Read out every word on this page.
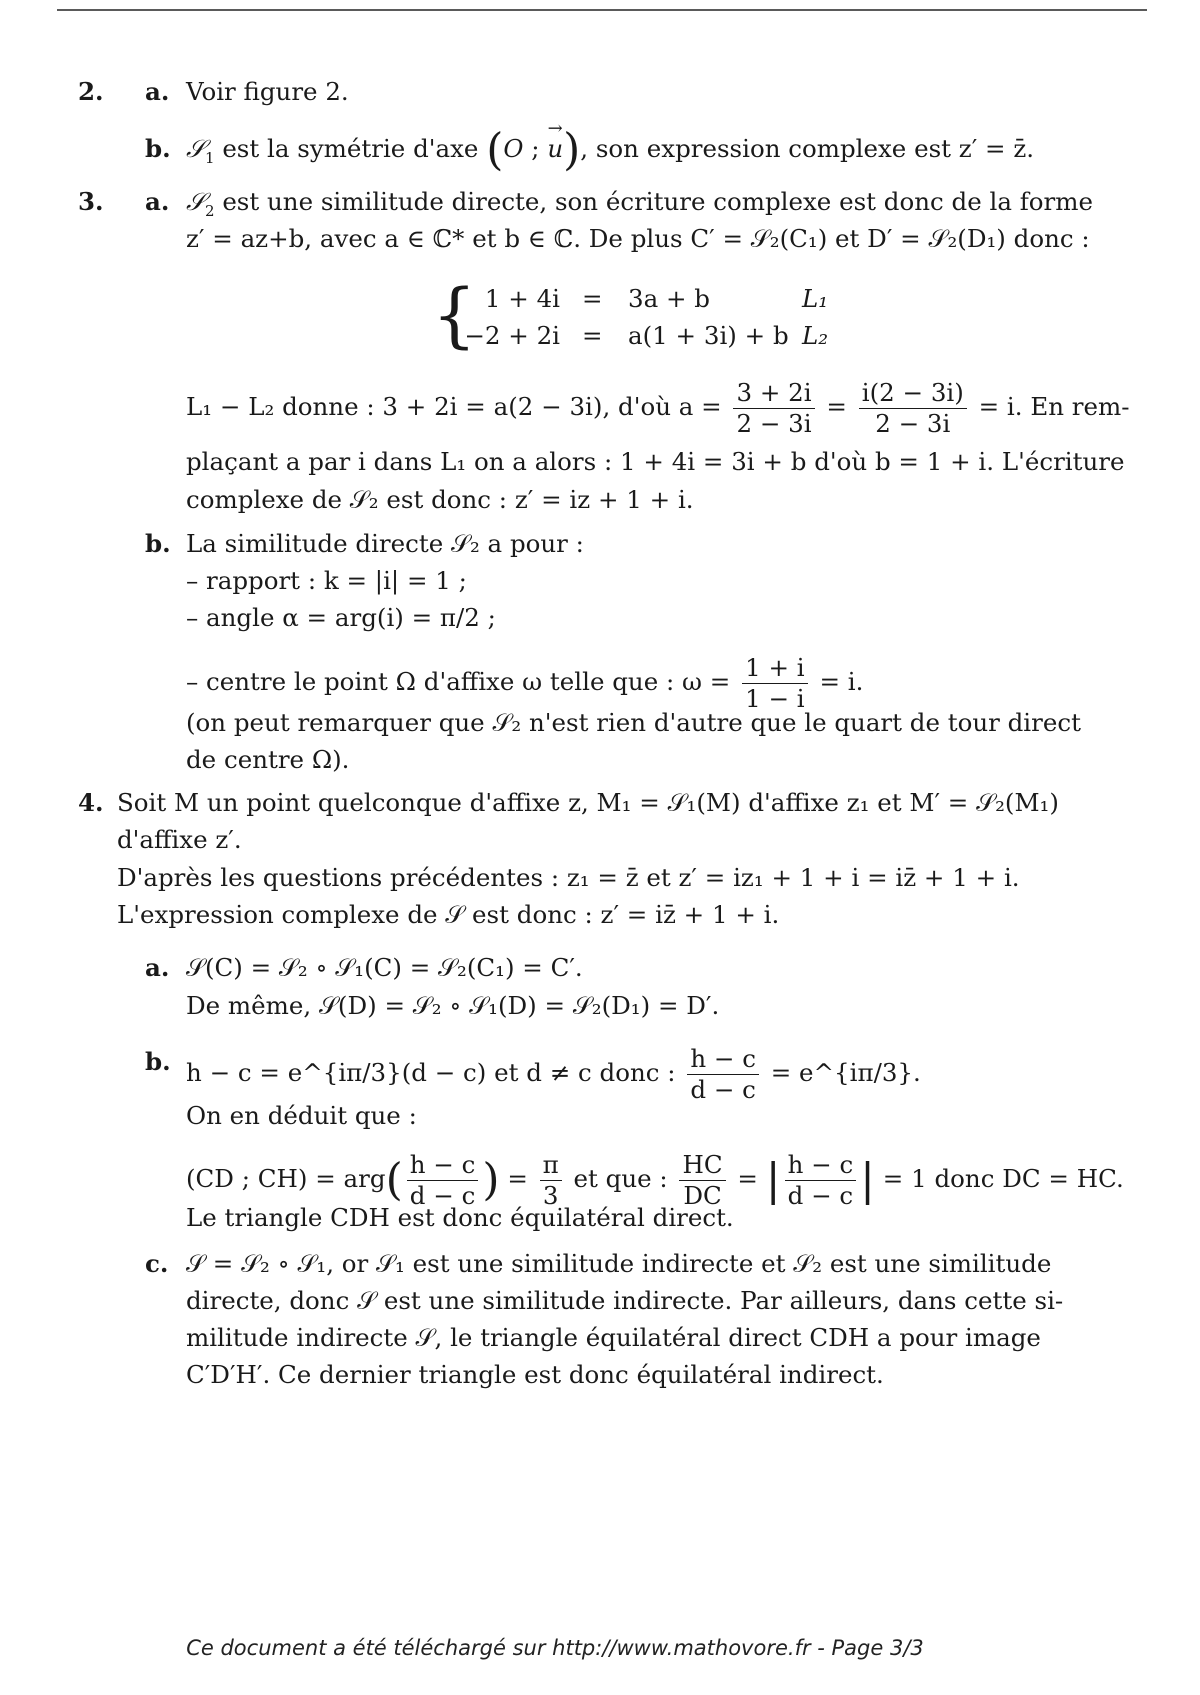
2. a. Voir figure 2.
b. 𝒮$_1$ est la symétrie d'axe (O ; → u), son expression complexe est z′ = z̄.
3. a. 𝒮$_2$ est une similitude directe, son écriture complexe est donc de la forme
z′ = az+b, avec a ∈ ℂ* et b ∈ ℂ. De plus C′ = 𝒮₂(C₁) et D′ = 𝒮₂(D₁) donc :
{ 1 + 4i = 3a + b	L₁
−2 + 2i = a(1 + 3i) + b L₂
L₁ − L₂ donne : 3 + 2i = a(2 − 3i), d'où $a = \frac{3 + 2i}{2 - 3i} = \frac{i(2 - 3i)}{2 - 3i} = i$. En rem-
plaçant a par i dans L₁ on a alors : 1 + 4i = 3i + b d'où b = 1 + i. L'écriture
complexe de 𝒮₂ est donc : z′ = iz + 1 + i.
b. La similitude directe 𝒮₂ a pour :
– rapport : k = |i| = 1 ;
– angle α = arg(i) = π/2 ;
– centre le point Ω d'affixe ω telle que : $\omega = \frac{1 + i}{1 - i} = i$.
(on peut remarquer que 𝒮₂ n'est rien d'autre que le quart de tour direct
de centre Ω).
4. Soit M un point quelconque d'affixe z, M₁ = 𝒮₁(M) d'affixe z₁ et M′ = 𝒮₂(M₁)
d'affixe z′.
D'après les questions précédentes : z₁ = z̄ et z′ = iz₁ + 1 + i = iz̄ + 1 + i.
L'expression complexe de 𝒮 est donc : z′ = iz̄ + 1 + i.
a. 𝒮(C) = 𝒮₂ ∘ 𝒮₁(C) = 𝒮₂(C₁) = C′.
De même, 𝒮(D) = 𝒮₂ ∘ 𝒮₁(D) = 𝒮₂(D₁) = D′.
b. h − c = e^{iπ/3}(d − c) et d ≠ c donc : $\frac{h - c}{d - c}$ = e^{iπ/3}.
On en déduit que :
(CD ; $CH) = arg( \frac{h - c}{d - c}$ ) = $\frac{\pi}{3}$ et que : $\frac{HC}{DC}$ = | $\frac{h - c}{d - c}$ | = 1 donc DC = HC.
Le triangle CDH est donc équilatéral direct.
c. 𝒮 = 𝒮₂ ∘ 𝒮₁, or 𝒮₁ est une similitude indirecte et 𝒮₂ est une similitude
directe, donc 𝒮 est une similitude indirecte. Par ailleurs, dans cette si-
militude indirecte 𝒮, le triangle équilatéral direct CDH a pour image
C′D′H′. Ce dernier triangle est donc équilatéral indirect.
Ce document a été téléchargé sur http://www.mathovore.fr - Page 3/3
